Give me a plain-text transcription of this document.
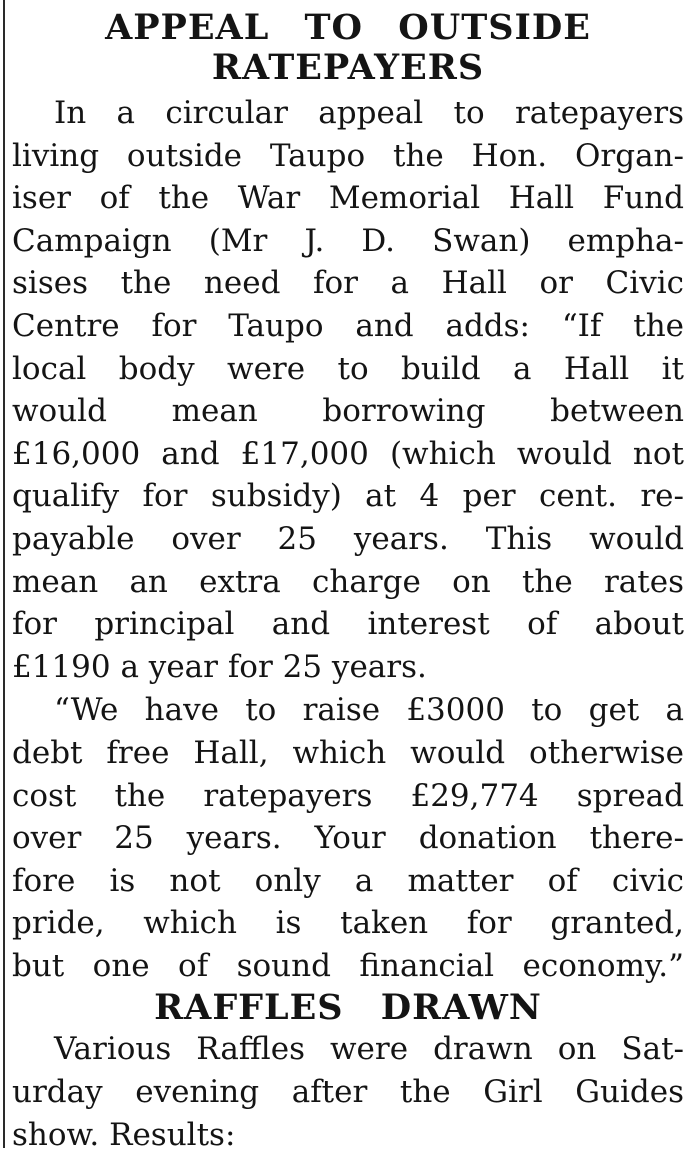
APPEAL TO OUTSIDE
RATEPAYERS

In a circular appeal to ratepayers
living outside Taupo the Hon. Organ-
iser of the War Memorial Hall Fund
Campaign (Mr J. D. Swan) empha-
sises the need for a Hall or Civic
Centre for Taupo and adds: “If the
local body were to build a Hall it
would mean borrowing between
£16,000 and £17,000 (which would not
qualify for subsidy) at 4 per cent. re-
payable over 25 years. This would
mean an extra charge on the rates
for principal and interest of about
£1190 a year for 25 years.

“We have to raise £3000 to get a
debt free Hall, which would otherwise
cost the ratepayers £29,774 spread
over 25 years. Your donation there-
fore is not only a matter of civic
pride, which is taken for granted,
but one of sound financial economy.”

RAFFLES DRAWN

Various Raffles were drawn on Sat-
urday evening after the Girl Guides
show. Results:
